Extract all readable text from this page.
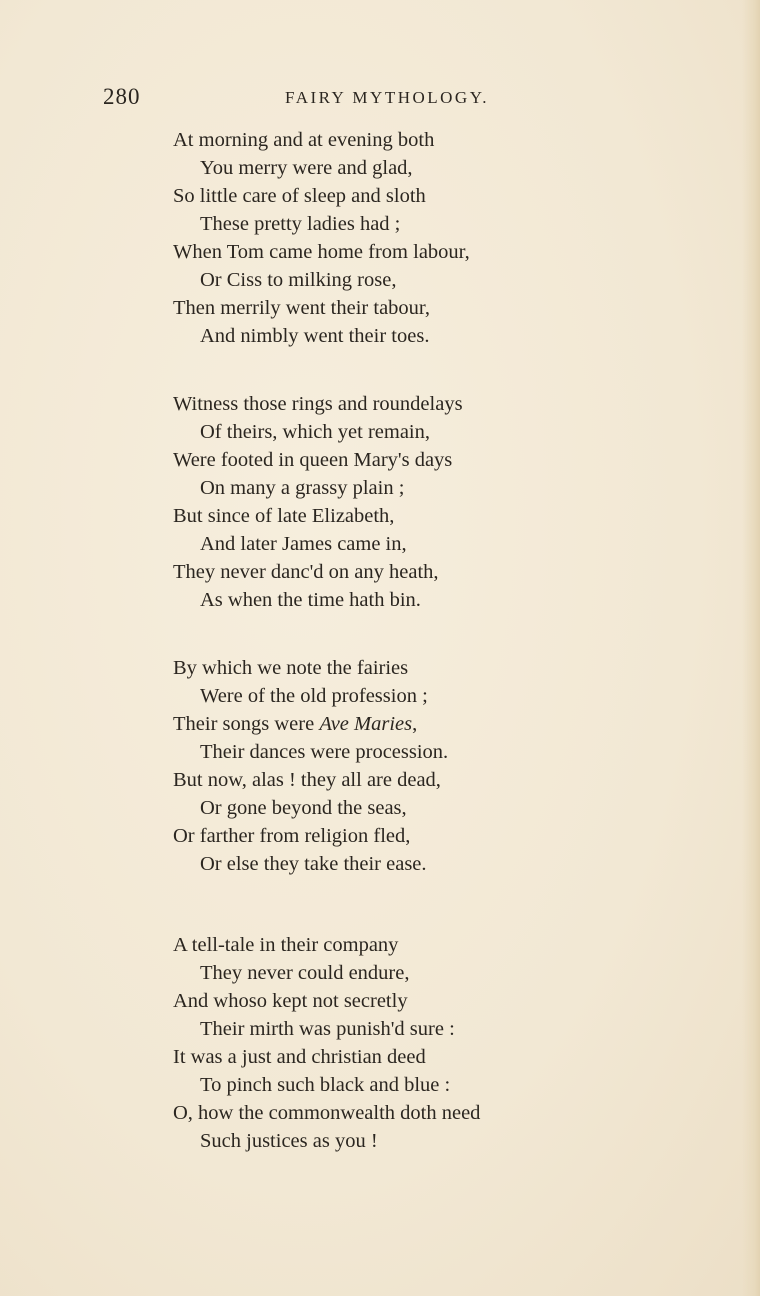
280	FAIRY MYTHOLOGY.
At morning and at evening both
You merry were and glad,
So little care of sleep and sloth
These pretty ladies had ;
When Tom came home from labour,
Or Ciss to milking rose,
Then merrily went their tabour,
And nimbly went their toes.
Witness those rings and roundelays
Of theirs, which yet remain,
Were footed in queen Mary's days
On many a grassy plain ;
But since of late Elizabeth,
And later James came in,
They never danc'd on any heath,
As when the time hath bin.
By which we note the fairies
Were of the old profession ;
Their songs were Ave Maries,
Their dances were procession.
But now, alas ! they all are dead,
Or gone beyond the seas,
Or farther from religion fled,
Or else they take their ease.
A tell-tale in their company
They never could endure,
And whoso kept not secretly
Their mirth was punish'd sure :
It was a just and christian deed
To pinch such black and blue :
O, how the commonwealth doth need
Such justices as you !
